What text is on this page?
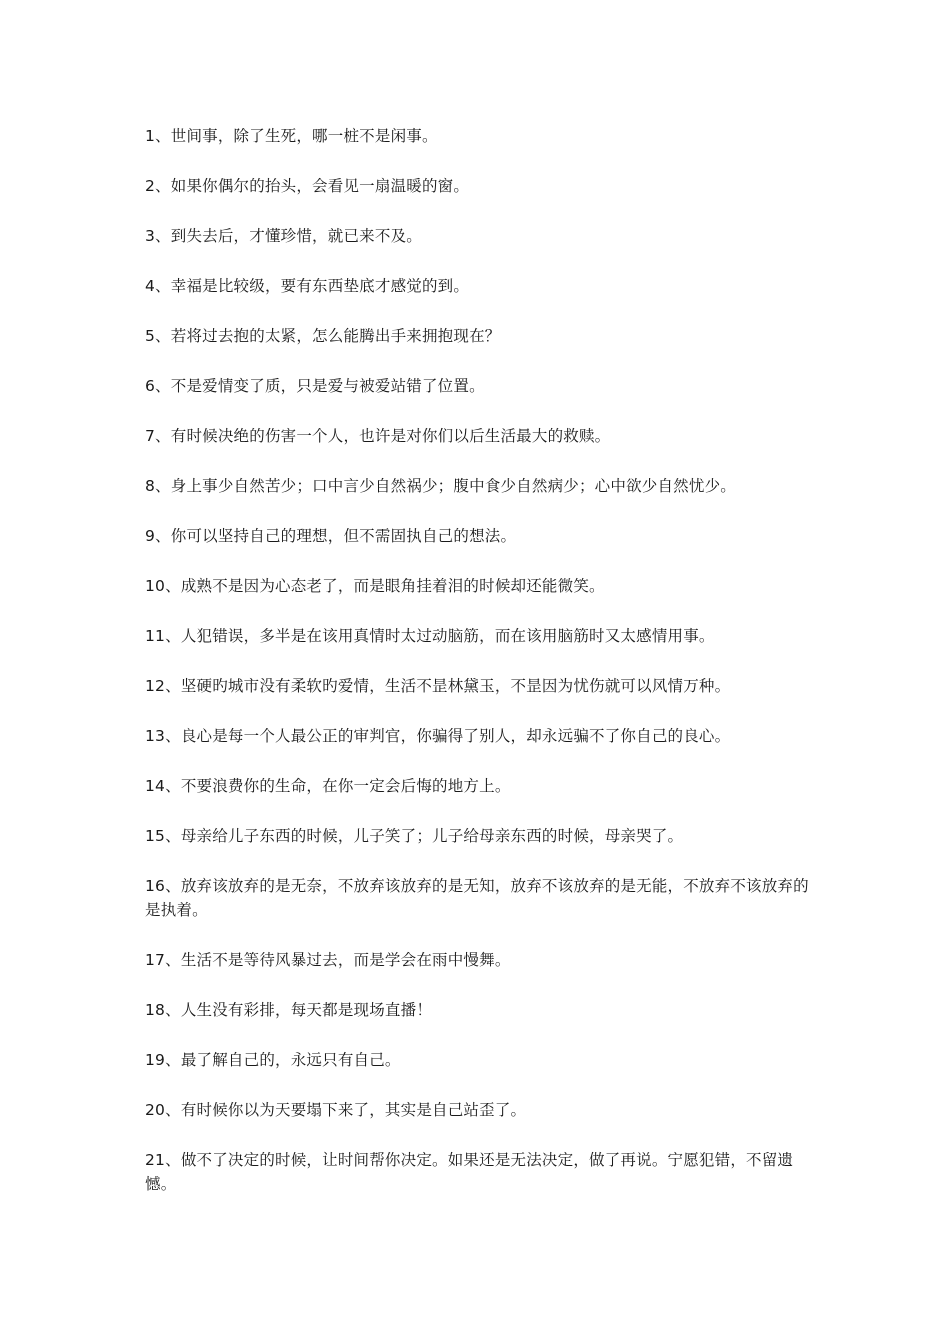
1、世间事，除了生死，哪一桩不是闲事。
2、如果你偶尔的抬头，会看见一扇温暖的窗。
3、到失去后，才懂珍惜，就已来不及。
4、幸福是比较级，要有东西垫底才感觉的到。
5、若将过去抱的太紧，怎么能腾出手来拥抱现在？
6、不是爱情变了质，只是爱与被爱站错了位置。
7、有时候决绝的伤害一个人，也许是对你们以后生活最大的救赎。
8、身上事少自然苦少；口中言少自然祸少；腹中食少自然病少；心中欲少自然忧少。
9、你可以坚持自己的理想，但不需固执自己的想法。
10、成熟不是因为心态老了，而是眼角挂着泪的时候却还能微笑。
11、人犯错误，多半是在该用真情时太过动脑筋，而在该用脑筋时又太感情用事。
12、坚硬旳城市没有柔软旳爱情，生活不昰林黛玉，不昰因为忧伤就可以风情万种。
13、良心是每一个人最公正的审判官，你骗得了别人，却永远骗不了你自己的良心。
14、不要浪费你的生命，在你一定会后悔的地方上。
15、母亲给儿子东西的时候，儿子笑了；儿子给母亲东西的时候，母亲哭了。
16、放弃该放弃的是无奈，不放弃该放弃的是无知，放弃不该放弃的是无能，不放弃不该放弃的是执着。
17、生活不是等待风暴过去，而是学会在雨中慢舞。
18、人生没有彩排，每天都是现场直播！
19、最了解自己的，永远只有自己。
20、有时候你以为天要塌下来了，其实是自己站歪了。
21、做不了决定的时候，让时间帮你决定。如果还是无法决定，做了再说。宁愿犯错，不留遗憾。
